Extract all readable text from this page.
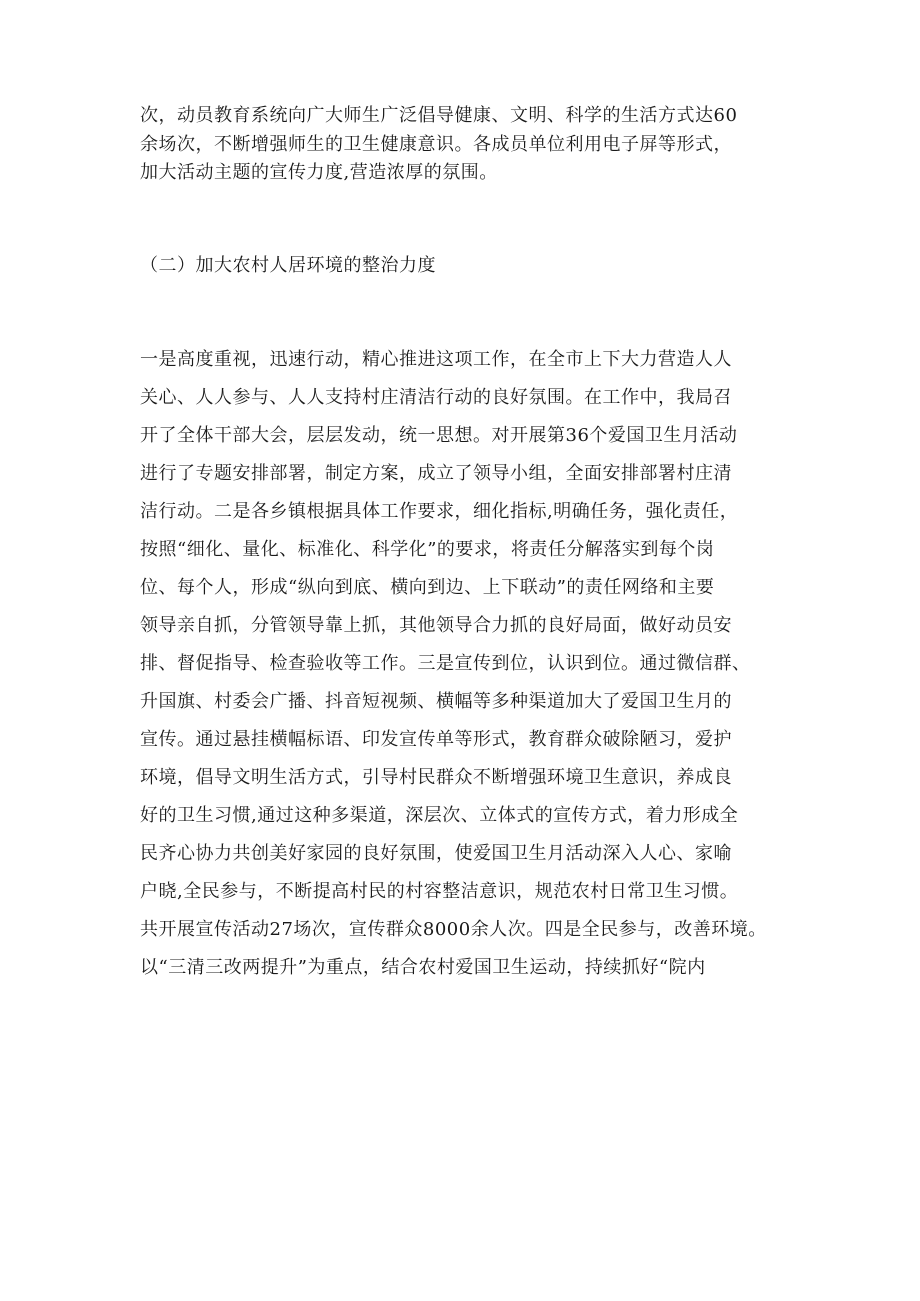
次，动员教育系统向广大师生广泛倡导健康、文明、科学的生活方式达60
余场次，不断增强师生的卫生健康意识。各成员单位利用电子屏等形式，
加大活动主题的宣传力度,营造浓厚的氛围。
（二）加大农村人居环境的整治力度
一是高度重视，迅速行动，精心推进这项工作，在全市上下大力营造人人
关心、人人参与、人人支持村庄清洁行动的良好氛围。在工作中，我局召
开了全体干部大会，层层发动，统一思想。对开展第36个爱国卫生月活动
进行了专题安排部署，制定方案，成立了领导小组，全面安排部署村庄清
洁行动。二是各乡镇根据具体工作要求，细化指标,明确任务，强化责任，
按照“细化、量化、标准化、科学化”的要求，将责任分解落实到每个岗
位、每个人，形成“纵向到底、横向到边、上下联动”的责任网络和主要
领导亲自抓，分管领导靠上抓，其他领导合力抓的良好局面，做好动员安
排、督促指导、检查验收等工作。三是宣传到位，认识到位。通过微信群、
升国旗、村委会广播、抖音短视频、横幅等多种渠道加大了爱国卫生月的
宣传。通过悬挂横幅标语、印发宣传单等形式，教育群众破除陋习，爱护
环境，倡导文明生活方式，引导村民群众不断增强环境卫生意识，养成良
好的卫生习惯,通过这种多渠道，深层次、立体式的宣传方式，着力形成全
民齐心协力共创美好家园的良好氛围，使爱国卫生月活动深入人心、家喻
户晓,全民参与，不断提高村民的村容整洁意识，规范农村日常卫生习惯。
共开展宣传活动27场次，宣传群众8000余人次。四是全民参与，改善环境。
以“三清三改两提升”为重点，结合农村爱国卫生运动，持续抓好“院内
